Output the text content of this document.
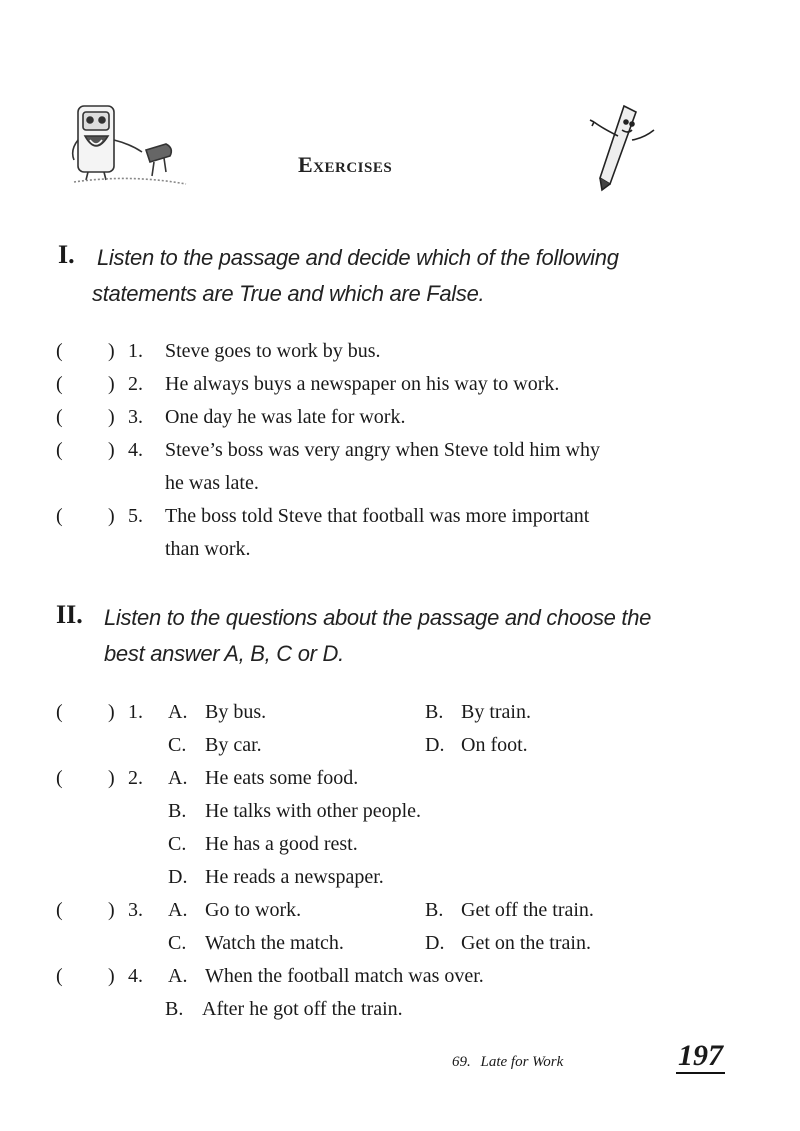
Exercises
I. Listen to the passage and decide which of the following
statements are True and which are False.
( ) 1. Steve goes to work by bus.
( ) 2. He always buys a newspaper on his way to work.
( ) 3. One day he was late for work.
( ) 4. Steve’s boss was very angry when Steve told him why
he was late.
( ) 5. The boss told Steve that football was more important
than work.
II. Listen to the questions about the passage and choose the
best answer A, B, C or D.
( ) 1. A. By bus.	B. By train.
C. By car.	D. On foot.
( ) 2. A. He eats some food.
B. He talks with other people.
C. He has a good rest.
D. He reads a newspaper.
( ) 3. A. Go to work.	B. Get off the train.
C. Watch the match.	D. Get on the train.
( ) 4. A. When the football match was over.
B. After he got off the train.
69. Late for Work	197
